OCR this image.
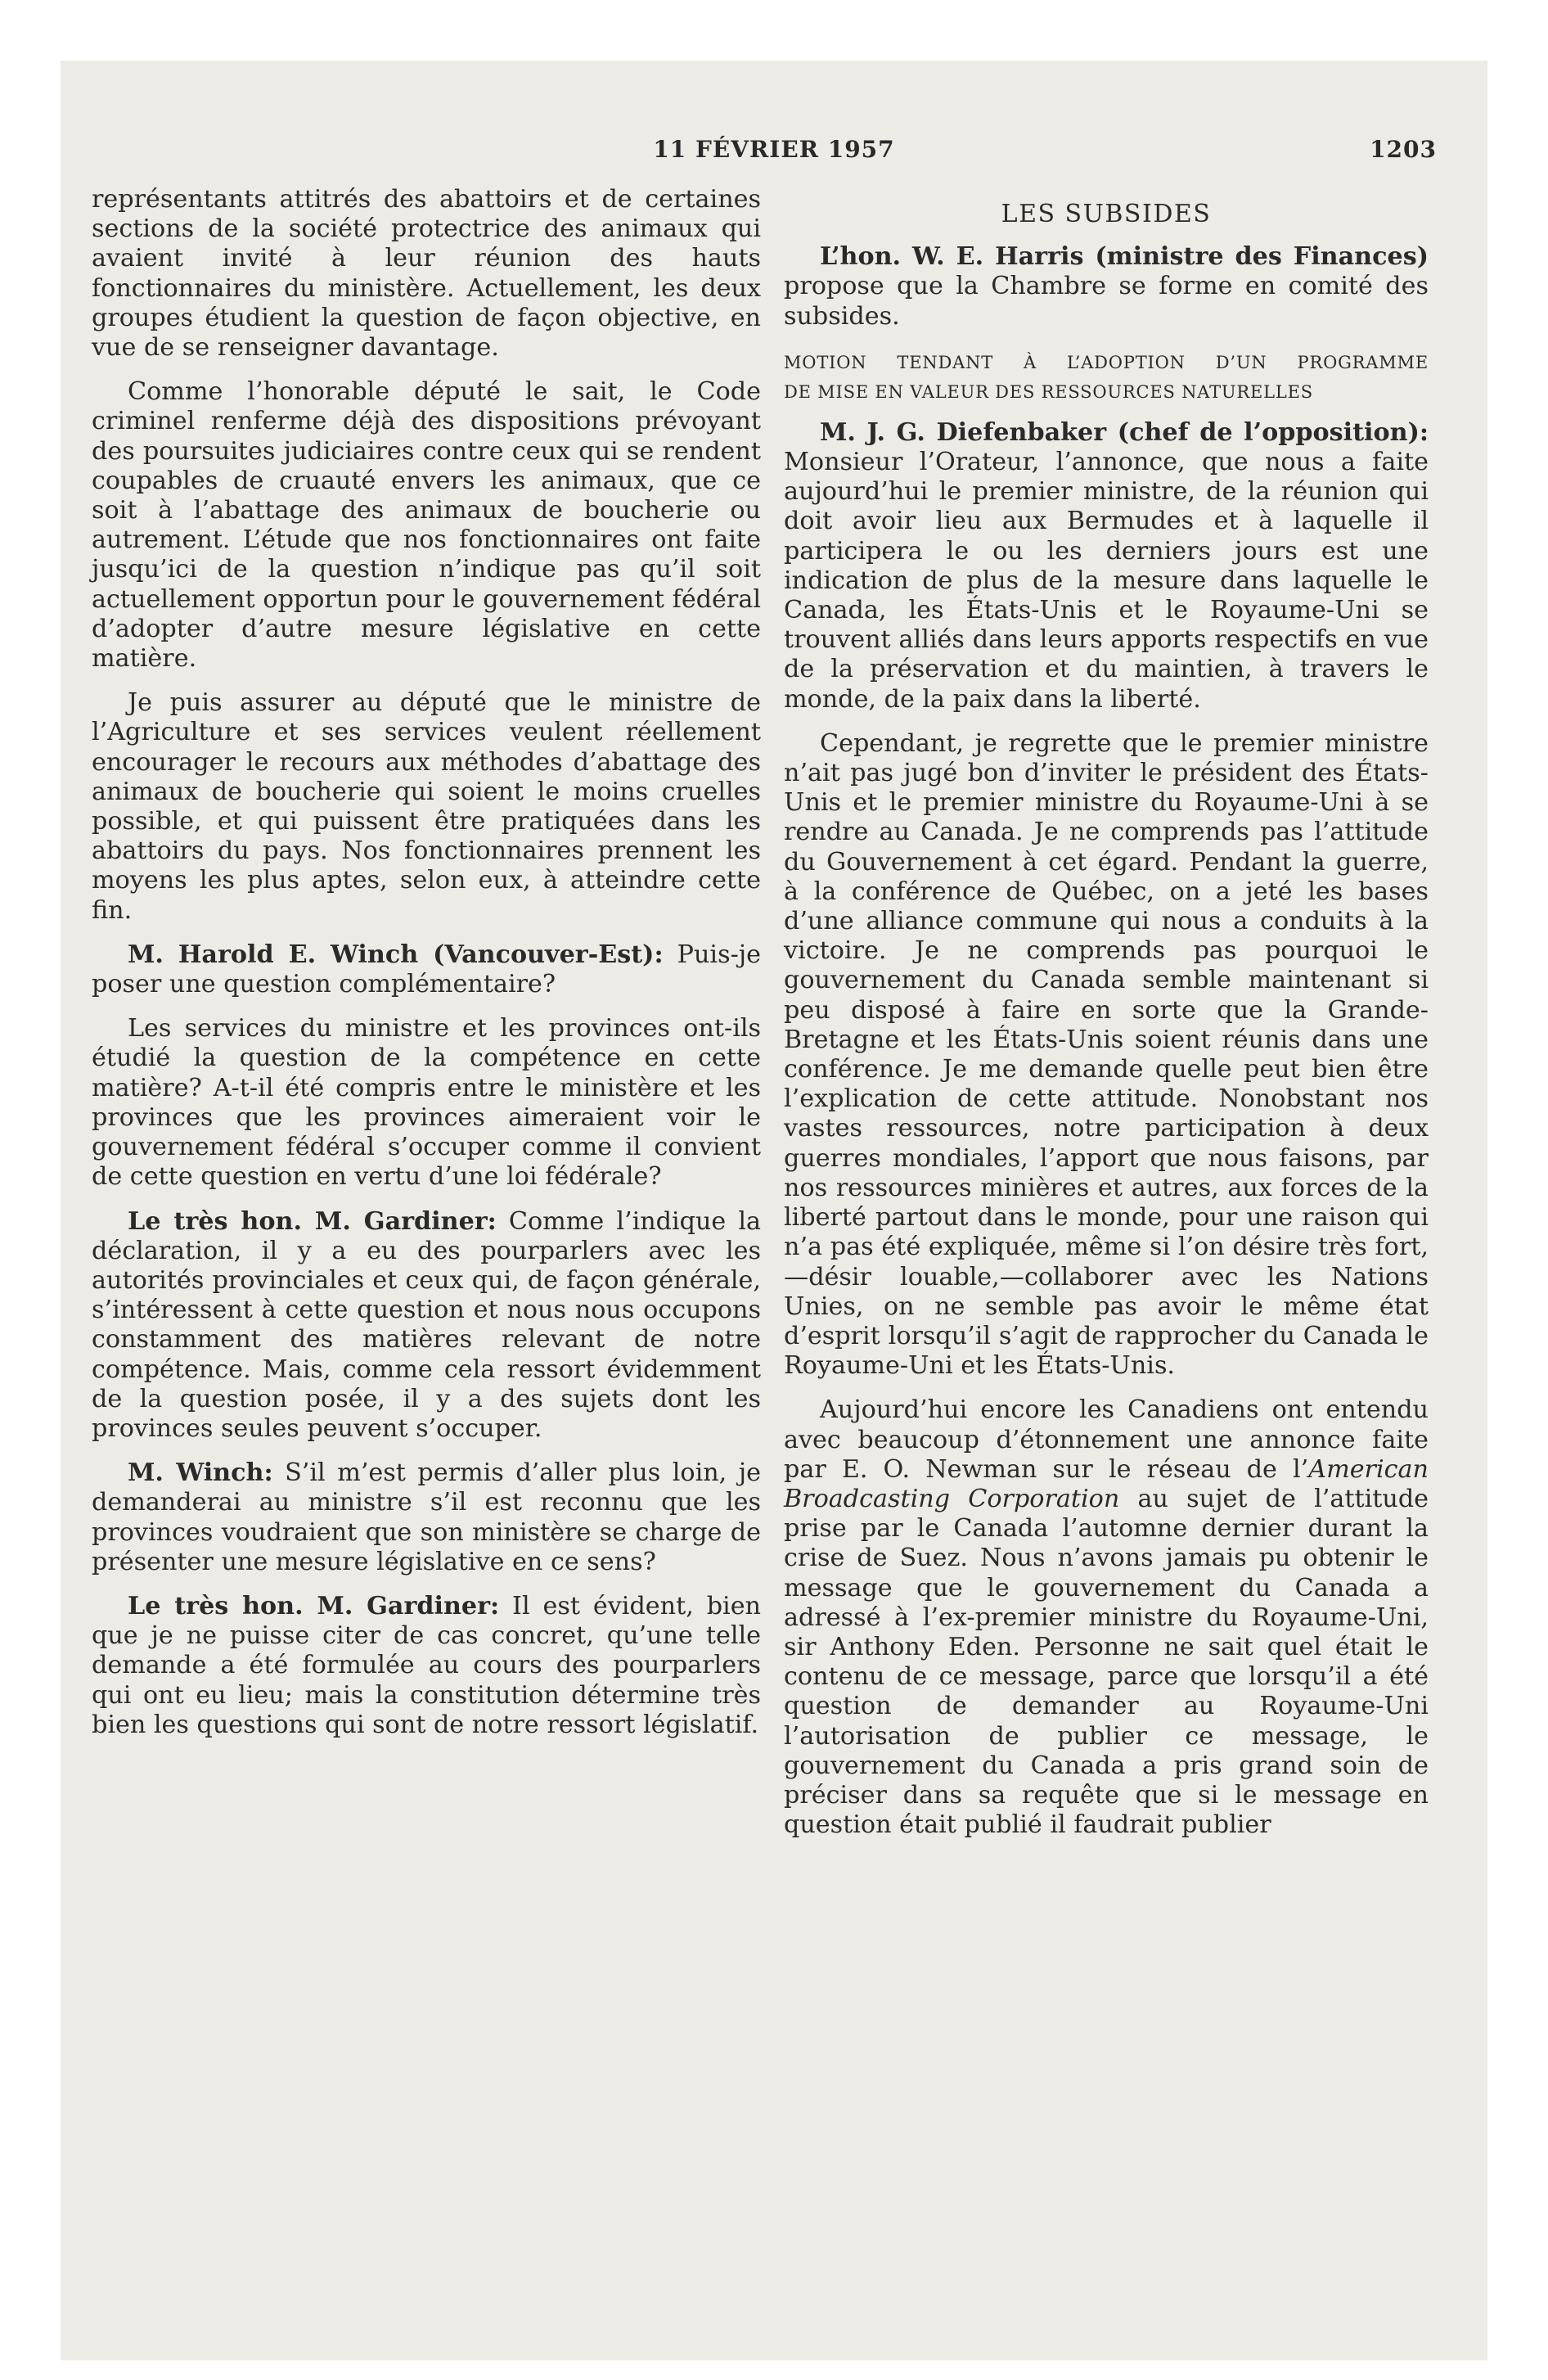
11 FÉVRIER 1957	1203

représentants attitrés des abattoirs et de certaines sections de la société protectrice des animaux qui avaient invité à leur réunion des hauts fonctionnaires du ministère. Actuellement, les deux groupes étudient la question de façon objective, en vue de se renseigner davantage.

Comme l’honorable député le sait, le Code criminel renferme déjà des dispositions prévoyant des poursuites judiciaires contre ceux qui se rendent coupables de cruauté envers les animaux, que ce soit à l’abattage des animaux de boucherie ou autrement. L’étude que nos fonctionnaires ont faite jusqu’ici de la question n’indique pas qu’il soit actuellement opportun pour le gouvernement fédéral d’adopter d’autre mesure législative en cette matière.

Je puis assurer au député que le ministre de l’Agriculture et ses services veulent réellement encourager le recours aux méthodes d’abattage des animaux de boucherie qui soient le moins cruelles possible, et qui puissent être pratiquées dans les abattoirs du pays. Nos fonctionnaires prennent les moyens les plus aptes, selon eux, à atteindre cette fin.

M. Harold E. Winch (Vancouver-Est): Puis-je poser une question complémentaire?

Les services du ministre et les provinces ont-ils étudié la question de la compétence en cette matière? A-t-il été compris entre le ministère et les provinces que les provinces aimeraient voir le gouvernement fédéral s’occuper comme il convient de cette question en vertu d’une loi fédérale?

Le très hon. M. Gardiner: Comme l’indique la déclaration, il y a eu des pourparlers avec les autorités provinciales et ceux qui, de façon générale, s’intéressent à cette question et nous nous occupons constamment des matières relevant de notre compétence. Mais, comme cela ressort évidemment de la question posée, il y a des sujets dont les provinces seules peuvent s’occuper.

M. Winch: S’il m’est permis d’aller plus loin, je demanderai au ministre s’il est reconnu que les provinces voudraient que son ministère se charge de présenter une mesure législative en ce sens?

Le très hon. M. Gardiner: Il est évident, bien que je ne puisse citer de cas concret, qu’une telle demande a été formulée au cours des pourparlers qui ont eu lieu; mais la constitution détermine très bien les questions qui sont de notre ressort législatif.

LES SUBSIDES

L’hon. W. E. Harris (ministre des Finances) propose que la Chambre se forme en comité des subsides.

MOTION TENDANT À L’ADOPTION D’UN PROGRAMME
DE MISE EN VALEUR DES RESSOURCES NATURELLES

M. J. G. Diefenbaker (chef de l’opposition): Monsieur l’Orateur, l’annonce, que nous a faite aujourd’hui le premier ministre, de la réunion qui doit avoir lieu aux Bermudes et à laquelle il participera le ou les derniers jours est une indication de plus de la mesure dans laquelle le Canada, les États-Unis et le Royaume-Uni se trouvent alliés dans leurs apports respectifs en vue de la préservation et du maintien, à travers le monde, de la paix dans la liberté.

Cependant, je regrette que le premier ministre n’ait pas jugé bon d’inviter le président des États-Unis et le premier ministre du Royaume-Uni à se rendre au Canada. Je ne comprends pas l’attitude du Gouvernement à cet égard. Pendant la guerre, à la conférence de Québec, on a jeté les bases d’une alliance commune qui nous a conduits à la victoire. Je ne comprends pas pourquoi le gouvernement du Canada semble maintenant si peu disposé à faire en sorte que la Grande-Bretagne et les États-Unis soient réunis dans une conférence. Je me demande quelle peut bien être l’explication de cette attitude. Nonobstant nos vastes ressources, notre participation à deux guerres mondiales, l’apport que nous faisons, par nos ressources minières et autres, aux forces de la liberté partout dans le monde, pour une raison qui n’a pas été expliquée, même si l’on désire très fort,—désir louable,—collaborer avec les Nations Unies, on ne semble pas avoir le même état d’esprit lorsqu’il s’agit de rapprocher du Canada le Royaume-Uni et les États-Unis.

Aujourd’hui encore les Canadiens ont entendu avec beaucoup d’étonnement une annonce faite par E. O. Newman sur le réseau de l’American Broadcasting Corporation au sujet de l’attitude prise par le Canada l’automne dernier durant la crise de Suez. Nous n’avons jamais pu obtenir le message que le gouvernement du Canada a adressé à l’ex-premier ministre du Royaume-Uni, sir Anthony Eden. Personne ne sait quel était le contenu de ce message, parce que lorsqu’il a été question de demander au Royaume-Uni l’autorisation de publier ce message, le gouvernement du Canada a pris grand soin de préciser dans sa requête que si le message en question était publié il faudrait publier
